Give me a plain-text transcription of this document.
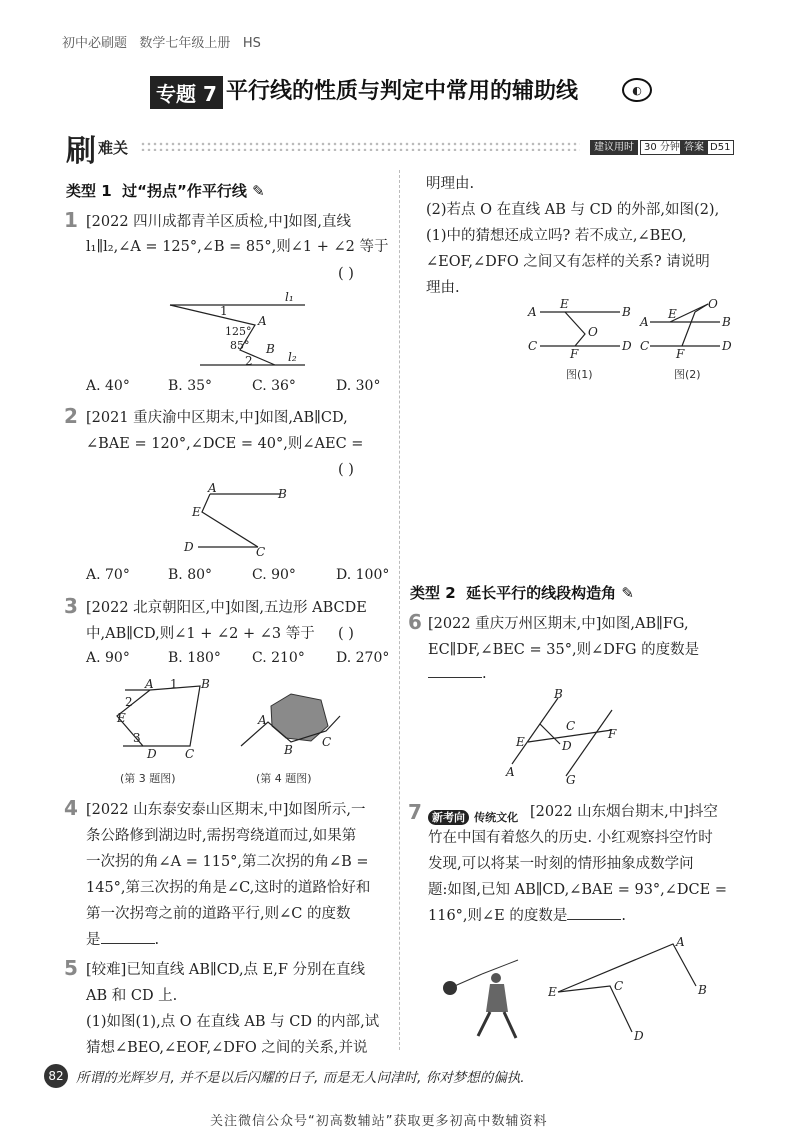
初中必刷题 数学七年级上册 HS
专题 7 平行线的性质与判定中常用的辅助线	◐
刷 难关	建议用时	30 分钟 答案 D51
类型 1 过“拐点”作平行线 ✎
1 [2022 四川成都青羊区质检,中]如图,直线
l₁∥l₂,∠A = 125°,∠B = 85°,则∠1 + ∠2 等于
( )
l₁
l₂
A
B
1
2
125°
85°
A. 40°	B. 35°	C. 36°	D. 30°
2 [2021 重庆渝中区期末,中]如图,AB∥CD,
∠BAE = 120°,∠DCE = 40°,则∠AEC =
( )
A	B
E
D	C
A. 70°	B. 80°	C. 90°	D. 100°
3 [2022 北京朝阳区,中]如图,五边形 ABCDE
中,AB∥CD,则∠1 + ∠2 + ∠3 等于 ( )
A. 90°	B. 180° C. 210° D. 270°
A	B
C
D
E
1
2
3
A
B
C
(第 3 题图)	(第 4 题图)
4 [2022 山东泰安泰山区期末,中]如图所示,一
条公路修到湖边时,需拐弯绕道而过,如果第
一次拐的角∠A = 115°,第二次拐的角∠B =
145°,第三次拐的角是∠C,这时的道路恰好和
第一次拐弯之前的道路平行,则∠C 的度数
是	.
5 [较难]已知直线 AB∥CD,点 E,F 分别在直线
AB 和 CD 上.
(1)如图(1),点 O 在直线 AB 与 CD 的内部,试
猜想∠BEO,∠EOF,∠DFO 之间的关系,并说
明理由.
(2)若点 O 在直线 AB 与 CD 的外部,如图(2),
(1)中的猜想还成立吗? 若不成立,∠BEO,
∠EOF,∠DFO 之间又有怎样的关系? 请说明
理由.
A	B
C	D
E
F
O
A	B
C	D
E
F
O
图(1)	图(2)
类型 2 延长平行的线段构造角 ✎
6 [2022 重庆万州区期末,中]如图,AB∥FG,
EC∥DF,∠BEC = 35°,则∠DFG 的度数是
.
B
A
E
C
D
F
G
7 新考向 传统文化 [2022 山东烟台期末,中]抖空
竹在中国有着悠久的历史. 小红观察抖空竹时
发现,可以将某一时刻的情形抽象成数学问
题:如图,已知 AB∥CD,∠BAE = 93°,∠DCE =
116°,则∠E 的度数是	.
A
B
E	C
D
82 所谓的光辉岁月, 并不是以后闪耀的日子, 而是无人问津时, 你对梦想的偏执.
关注微信公众号“初高数辅站”获取更多初高中数辅资料
